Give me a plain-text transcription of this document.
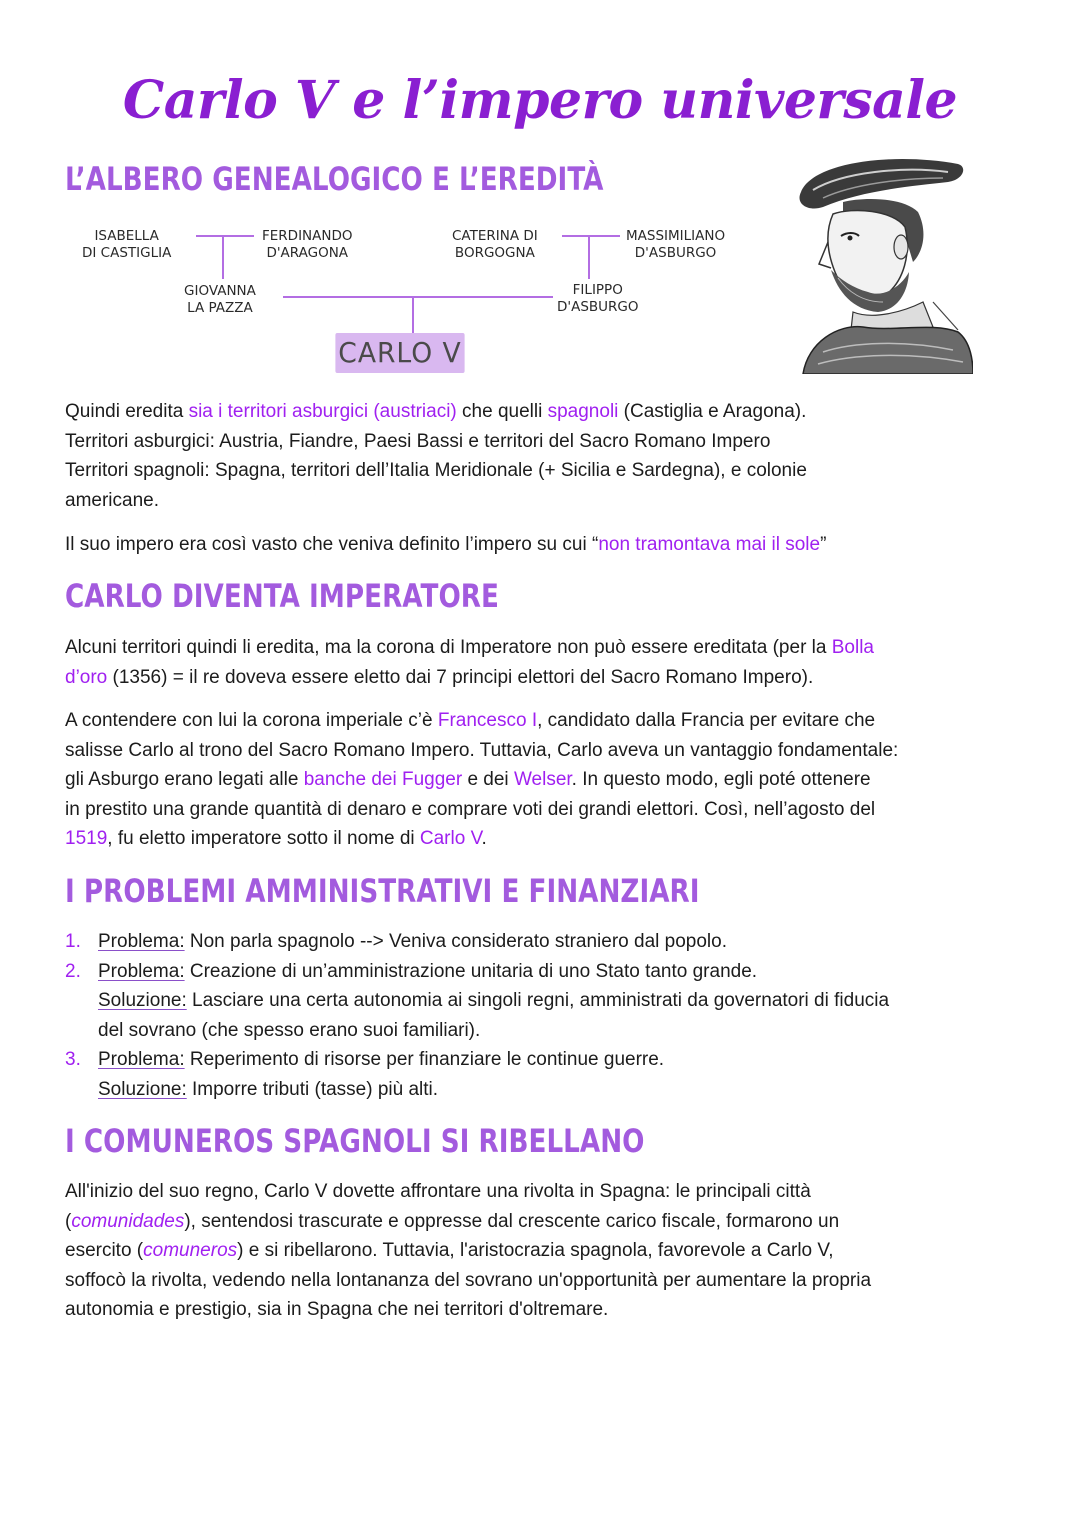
Carlo V e l’impero universale
L’ALBERO GENEALOGICO E L’EREDITÀ
ISABELLA
DI CASTIGLIA
FERDINANDO
D'ARAGONA
CATERINA DI
BORGOGNA
MASSIMILIANO
D'ASBURGO
GIOVANNA
LA PAZZA
FILIPPO
D'ASBURGO
CARLO V
Quindi eredita sia i territori asburgici (austriaci) che quelli spagnoli (Castiglia e Aragona).
Territori asburgici: Austria, Fiandre, Paesi Bassi e territori del Sacro Romano Impero
Territori spagnoli: Spagna, territori dell’Italia Meridionale (+ Sicilia e Sardegna), e colonie
americane.
Il suo impero era così vasto che veniva definito l’impero su cui “non tramontava mai il sole”
CARLO DIVENTA IMPERATORE
Alcuni territori quindi li eredita, ma la corona di Imperatore non può essere ereditata (per la Bolla
d’oro (1356) = il re doveva essere eletto dai 7 principi elettori del Sacro Romano Impero).
A contendere con lui la corona imperiale c’è Francesco I, candidato dalla Francia per evitare che
salisse Carlo al trono del Sacro Romano Impero. Tuttavia, Carlo aveva un vantaggio fondamentale:
gli Asburgo erano legati alle banche dei Fugger e dei Welser. In questo modo, egli poté ottenere
in prestito una grande quantità di denaro e comprare voti dei grandi elettori. Così, nell’agosto del
1519, fu eletto imperatore sotto il nome di Carlo V.
I PROBLEMI AMMINISTRATIVI E FINANZIARI
1. Problema: Non parla spagnolo --> Veniva considerato straniero dal popolo.
2. Problema: Creazione di un’amministrazione unitaria di uno Stato tanto grande.
Soluzione: Lasciare una certa autonomia ai singoli regni, amministrati da governatori di fiducia
del sovrano (che spesso erano suoi familiari).
3. Problema: Reperimento di risorse per finanziare le continue guerre.
Soluzione: Imporre tributi (tasse) più alti.
I COMUNEROS SPAGNOLI SI RIBELLANO
All'inizio del suo regno, Carlo V dovette affrontare una rivolta in Spagna: le principali città
(comunidades), sentendosi trascurate e oppresse dal crescente carico fiscale, formarono un
esercito (comuneros) e si ribellarono. Tuttavia, l'aristocrazia spagnola, favorevole a Carlo V,
soffocò la rivolta, vedendo nella lontananza del sovrano un'opportunità per aumentare la propria
autonomia e prestigio, sia in Spagna che nei territori d'oltremare.
